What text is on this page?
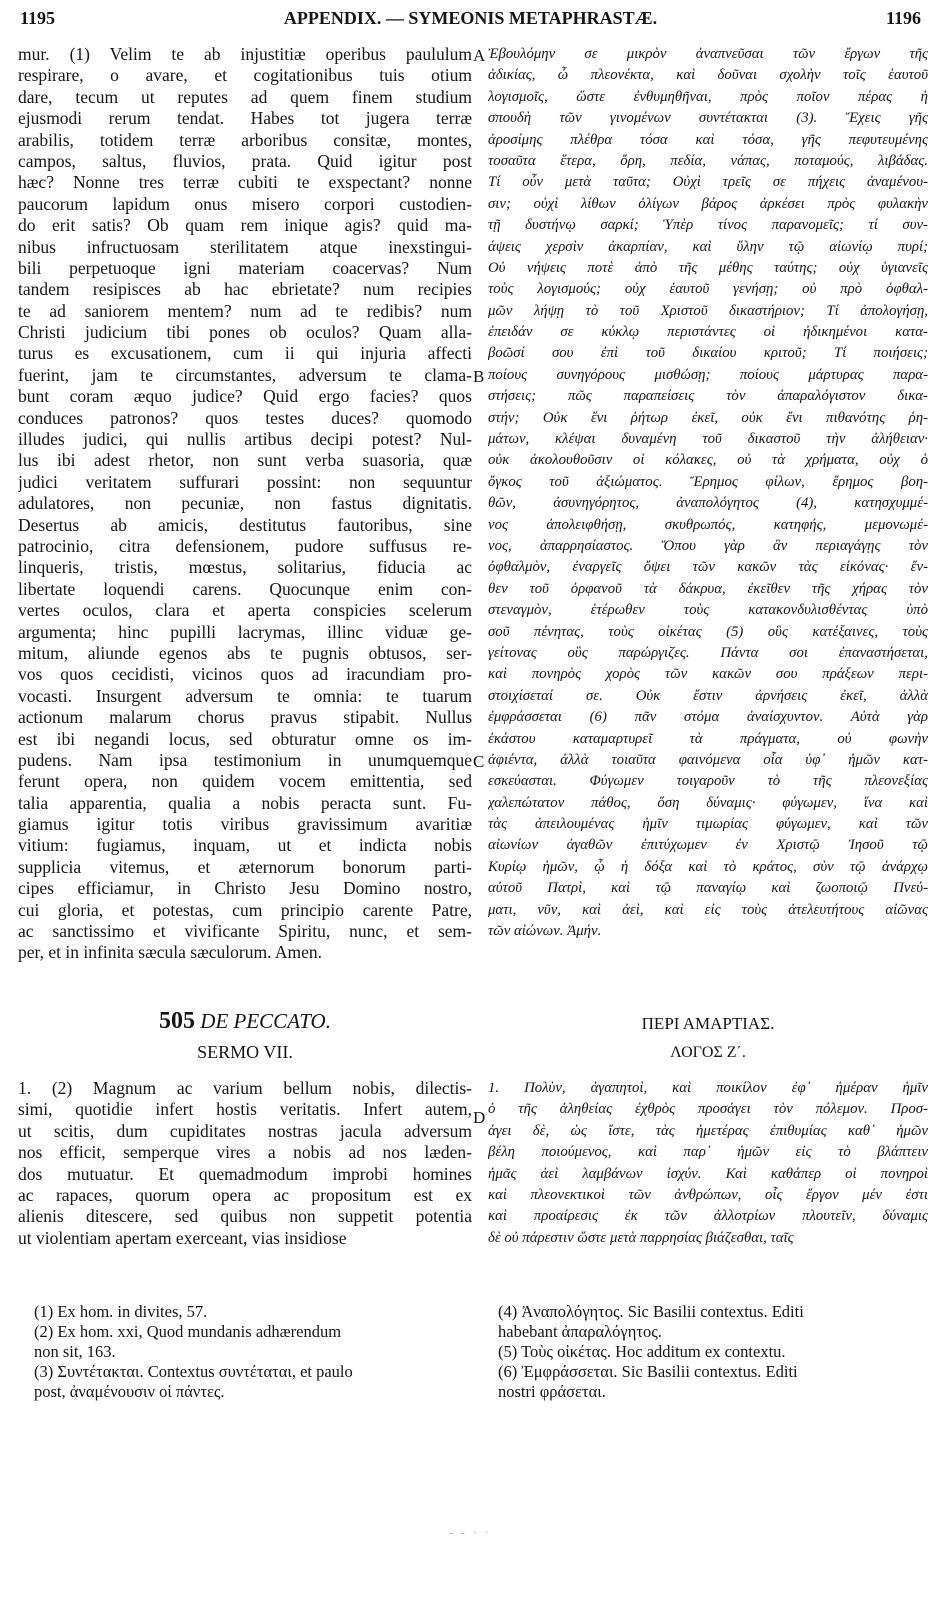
1195	APPENDIX. — SYMEONIS METAPHRASTÆ.	1196
mur. (1) Velim te ab injustitiæ operibus paululum
respirare, o avare, et cogitationibus tuis otium
dare, tecum ut reputes ad quem finem studium
ejusmodi rerum tendat. Habes tot jugera terræ
arabilis, totidem terræ arboribus consitæ, montes,
campos, saltus, fluvios, prata. Quid igitur post
hæc? Nonne tres terræ cubiti te exspectant? nonne
paucorum lapidum onus misero corpori custodien-
do erit satis? Ob quam rem inique agis? quid ma-
nibus infructuosam sterilitatem atque inexstingui-
bili perpetuoque igni materiam coacervas? Num
tandem resipisces ab hac ebrietate? num recipies
te ad saniorem mentem? num ad te redibis? num
Christi judicium tibi pones ob oculos? Quam alla-
turus es excusationem, cum ii qui injuria affecti
fuerint, jam te circumstantes, adversum te clama-
bunt coram æquo judice? Quid ergo facies? quos
conduces patronos? quos testes duces? quomodo
illudes judici, qui nullis artibus decipi potest? Nul-
lus ibi adest rhetor, non sunt verba suasoria, quæ
judici veritatem suffurari possint: non sequuntur
adulatores, non pecuniæ, non fastus dignitatis.
Desertus ab amicis, destitutus fautoribus, sine
patrocinio, citra defensionem, pudore suffusus re-
linqueris, tristis, mœstus, solitarius, fiducia ac
libertate loquendi carens. Quocunque enim con-
vertes oculos, clara et aperta conspicies scelerum
argumenta; hinc pupilli lacrymas, illinc viduæ ge-
mitum, aliunde egenos abs te pugnis obtusos, ser-
vos quos cecidisti, vicinos quos ad iracundiam pro-
vocasti. Insurgent adversum te omnia: te tuarum
actionum malarum chorus pravus stipabit. Nullus
est ibi negandi locus, sed obturatur omne os im-
pudens. Nam ipsa testimonium in unumquemque
ferunt opera, non quidem vocem emittentia, sed
talia apparentia, qualia a nobis peracta sunt. Fu-
giamus igitur totis viribus gravissimum avaritiæ
vitium: fugiamus, inquam, ut et indicta nobis
supplicia vitemus, et æternorum bonorum parti-
cipes efficiamur, in Christo Jesu Domino nostro,
cui gloria, et potestas, cum principio carente Patre,
ac sanctissimo et vivificante Spiritu, nunc, et sem-
per, et in infinita sæcula sæculorum. Amen.
Ἐβουλόμην σε μικρὸν ἀναπνεῦσαι τῶν ἔργων τῆς
ἀδικίας, ὦ πλεονέκτα, καὶ δοῦναι σχολὴν τοῖς ἑαυτοῦ
λογισμοῖς, ὥστε ἐνθυμηθῆναι, πρὸς ποῖον πέρας ἡ
σπουδὴ τῶν γινομένων συντέτακται (3). Ἔχεις γῆς
ἀροσίμης πλέθρα τόσα καὶ τόσα, γῆς πεφυτευμένης
τοσαῦτα ἕτερα, ὄρη, πεδία, νάπας, ποταμούς, λιβάδας.
Τί οὖν μετὰ ταῦτα; Οὐχὶ τρεῖς σε πήχεις ἀναμένου-
σιν; οὐχὶ λίθων ὀλίγων βάρος ἀρκέσει πρὸς φυλακὴν
τῇ δυστήνῳ σαρκί; Ὑπὲρ τίνος παρανομεῖς; τί συν-
άψεις χερσὶν ἀκαρπίαν, καὶ ὕλην τῷ αἰωνίῳ πυρί;
Οὐ νήψεις ποτὲ ἀπὸ τῆς μέθης ταύτης; οὐχ ὑγιανεῖς
τοὺς λογισμούς; οὐχ ἑαυτοῦ γενήσῃ; οὐ πρὸ ὀφθαλ-
μῶν λήψῃ τὸ τοῦ Χριστοῦ δικαστήριον; Τί ἀπολογήσῃ,
ἐπειδάν σε κύκλῳ περιστάντες οἱ ἠδικημένοι κατα-
βοῶσί σου ἐπὶ τοῦ δικαίου κριτοῦ; Τί ποιήσεις;
ποίους συνηγόρους μισθώσῃ; ποίους μάρτυρας παρα-
στήσεις; πῶς παραπείσεις τὸν ἀπαραλόγιστον δικα-
στήν; Οὐκ ἔνι ῥήτωρ ἐκεῖ, οὐκ ἔνι πιθανότης ῥη-
μάτων, κλέψαι δυναμένη τοῦ δικαστοῦ τὴν ἀλήθειαν·
οὐκ ἀκολουθοῦσιν οἱ κόλακες, οὐ τὰ χρήματα, οὐχ ὁ
ὄγκος τοῦ ἀξιώματος. Ἔρημος φίλων, ἔρημος βοη-
θῶν, ἀσυνηγόρητος, ἀναπολόγητος (4), κατησχυμμέ-
νος ἀπολειφθήσῃ, σκυθρωπός, κατηφής, μεμονωμέ-
νος, ἀπαρρησίαστος. Ὅπου γὰρ ἂν περιαγάγῃς τὸν
ὀφθαλμὸν, ἐναργεῖς ὄψει τῶν κακῶν τὰς εἰκόνας· ἔν-
θεν τοῦ ὀρφανοῦ τὰ δάκρυα, ἐκεῖθεν τῆς χήρας τὸν
στεναγμὸν, ἑτέρωθεν τοὺς κατακονδυλισθέντας ὑπὸ
σοῦ πένητας, τοὺς οἰκέτας (5) οὓς κατέξαινες, τοὺς
γείτονας οὓς παρώργιζες. Πάντα σοι ἐπαναστήσεται,
καὶ πονηρὸς χορὸς τῶν κακῶν σου πράξεων περι-
στοιχίσεταί σε. Οὐκ ἔστιν ἀρνήσεις ἐκεῖ, ἀλλὰ
ἐμφράσσεται (6) πᾶν στόμα ἀναίσχυντον. Αὐτὰ γὰρ
ἑκάστου καταμαρτυρεῖ τὰ πράγματα, οὐ φωνὴν
ἀφιέντα, ἀλλὰ τοιαῦτα φαινόμενα οἷα ὑφ᾽ ἡμῶν κατ-
εσκεύασται. Φύγωμεν τοιγαροῦν τὸ τῆς πλεονεξίας
χαλεπώτατον πάθος, ὅση δύναμις· φύγωμεν, ἵνα καὶ
τὰς ἀπειλουμένας ἡμῖν τιμωρίας φύγωμεν, καὶ τῶν
αἰωνίων ἀγαθῶν ἐπιτύχωμεν ἐν Χριστῷ Ἰησοῦ τῷ
Κυρίῳ ἡμῶν, ᾧ ἡ δόξα καὶ τὸ κράτος, σὺν τῷ ἀνάρχῳ
αὐτοῦ Πατρὶ, καὶ τῷ παναγίῳ καὶ ζωοποιῷ Πνεύ-
ματι, νῦν, καὶ ἀεὶ, καὶ εἰς τοὺς ἀτελευτήτους αἰῶνας
τῶν αἰώνων. Ἀμήν.
A
B
C
D
505 DE PECCATO.
SERMO VII.
ΠΕΡΙ ΑΜΑΡΤΙΑΣ.
ΛΟΓΟΣ Ζ΄.
1. (2) Magnum ac varium bellum nobis, dilectis-
simi, quotidie infert hostis veritatis. Infert autem,
ut scitis, dum cupiditates nostras jacula adversum
nos efficit, semperque vires a nobis ad nos læden-
dos mutuatur. Et quemadmodum improbi homines
ac rapaces, quorum opera ac propositum est ex
alienis ditescere, sed quibus non suppetit potentia
ut violentiam apertam exerceant, vias insidiose
1. Πολὺν, ἀγαπητοὶ, καὶ ποικίλον ἐφ᾽ ἡμέραν ἡμῖν
ὁ τῆς ἀληθείας ἐχθρὸς προσάγει τὸν πόλεμον. Προσ-
άγει δὲ, ὡς ἴστε, τὰς ἡμετέρας ἐπιθυμίας καθ᾽ ἡμῶν
βέλη ποιούμενος, καὶ παρ᾽ ἡμῶν εἰς τὸ βλάπτειν
ἡμᾶς ἀεὶ λαμβάνων ἰσχύν. Καὶ καθάπερ οἱ πονηροὶ
καὶ πλεονεκτικοὶ τῶν ἀνθρώπων, οἷς ἔργον μέν ἐστι
καὶ προαίρεσις ἐκ τῶν ἀλλοτρίων πλουτεῖν, δύναμις
δὲ οὐ πάρεστιν ὥστε μετὰ παρρησίας βιάζεσθαι, ταῖς
(1) Ex hom. in divites, 57.
(2) Ex hom. xxi, Quod mundanis adhærendum
non sit, 163.
(3) Συντέτακται. Contextus συντέταται, et paulo
post, ἀναμένουσιν οἱ πάντες.
(4) Ἀναπολόγητος. Sic Basilii contextus. Editi
habebant ἀπαραλόγητος.
(5) Τοὺς οἰκέτας. Hoc additum ex contextu.
(6) Ἐμφράσσεται. Sic Basilii contextus. Editi
nostri φράσεται.
- - · ·
